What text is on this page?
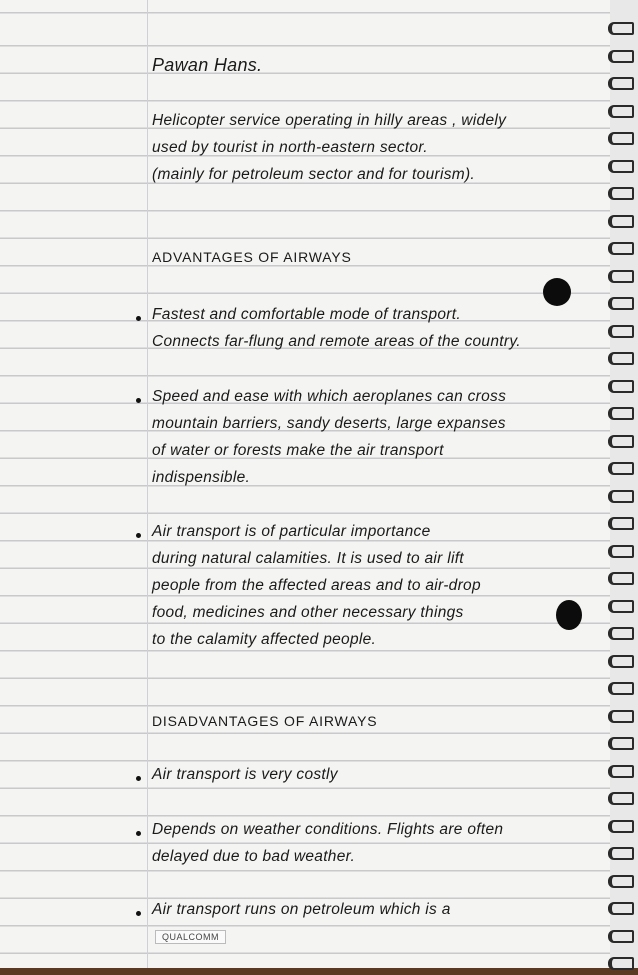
Pawan Hans.
Helicopter service operating in hilly areas , widely
used by tourist in north-eastern sector.
(mainly for petroleum sector and for tourism).
ADVANTAGES OF AIRWAYS
Fastest and comfortable mode of transport.
Connects far-flung and remote areas of the country.
Speed and ease with which aeroplanes can cross
mountain barriers, sandy deserts, large expanses
of water or forests make the air transport
indispensible.
Air transport is of particular importance
during natural calamities. It is used to air lift
people from the affected areas and to air-drop
food, medicines and other necessary things
to the calamity affected people.
DISADVANTAGES OF AIRWAYS
Air transport is very costly
Depends on weather conditions. Flights are often
delayed due to bad weather.
Air transport runs on petroleum which is a
QUALCOMM
